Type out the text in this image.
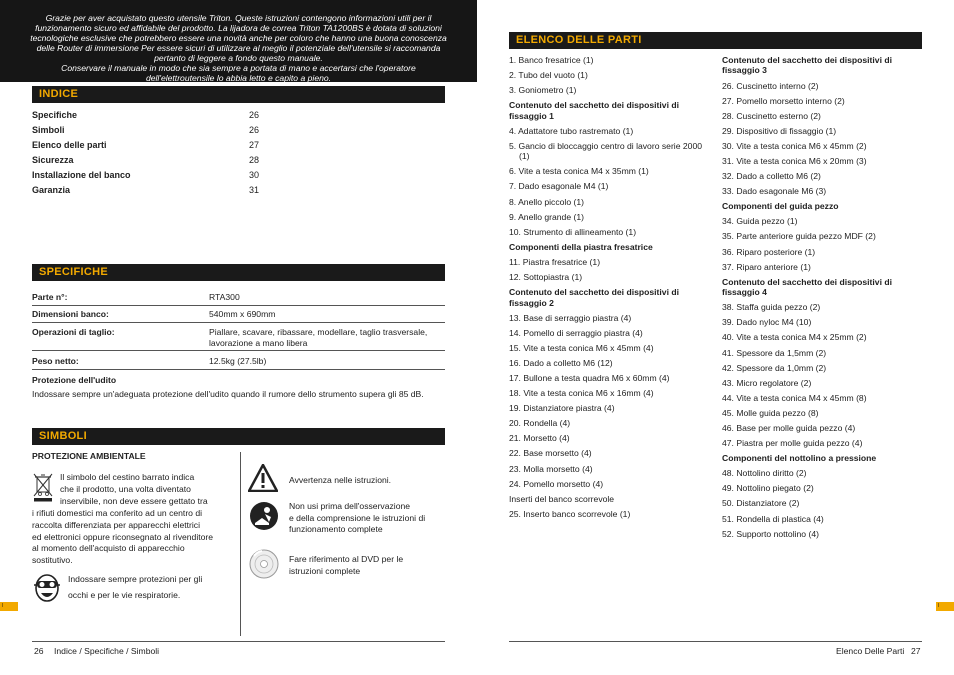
Grazie per aver acquistato questo utensile Triton. Queste istruzioni contengono informazioni utili per il

funzionamento sicuro ed affidabile del prodotto. La lijadora de correa Triton TA1200BS è dotata di soluzioni

tecnologiche esclusive che potrebbero essere una novità anche per coloro che hanno una buona conoscenza

delle Router di immersione Per essere sicuri di utilizzare al meglio il potenziale dell'utensile si raccomanda

pertanto di leggere a fondo questo manuale.

Conservare il manuale in modo che sia sempre a portata di mano e accertarsi che l'operatore

dell'elettroutensile lo abbia letto e capito a pieno.

INDICE
Specifiche	26
Simboli	26
Elenco delle parti	27
Sicurezza	28
Installazione del banco	30
Garanzia	31
SPECIFICHE
Parte n°:	RTA300
Dimensioni banco:	540mm x 690mm
Operazioni di taglio:	Piallare, scavare, ribassare, modellare, taglio trasversale, lavorazione a mano libera
Peso netto:	12.5kg (27.5lb)
Protezione dell'udito
Indossare sempre un'adeguata protezione dell'udito quando il rumore dello strumento supera gli 85 dB.
SIMBOLI
PROTEZIONE AMBIENTALE
Il simbolo del cestino barrato indica
che il prodotto, una volta diventato
inservibile, non deve essere gettato tra
i rifiuti domestici ma conferito ad un centro di
raccolta differenziata per apparecchi elettrici
ed elettronici oppure riconsegnato al rivenditore
al momento dell'acquisto di apparecchio
sostitutivo.
Indossare sempre protezioni per gli
occhi e per le vie respiratorie.
Avvertenza nelle istruzioni.
Non usi prima dell'osservazione
e della comprensione le istruzioni di
funzionamento complete
Fare riferimento al DVD per le
istruzioni complete
I
26 Indice / Specifiche / Simboli
ELENCO DELLE PARTI
1. Banco fresatrice (1)
2. Tubo del vuoto (1)
3. Goniometro (1)
Contenuto del sacchetto dei dispositivi di fissaggio 1
4. Adattatore tubo rastremato (1)
5. Gancio di bloccaggio centro di lavoro serie 2000 (1)
6. Vite a testa conica M4 x 35mm (1)
7. Dado esagonale M4 (1)
8. Anello piccolo (1)
9. Anello grande (1)
10. Strumento di allineamento (1)
Componenti della piastra fresatrice
11. Piastra fresatrice (1)
12. Sottopiastra (1)
Contenuto del sacchetto dei dispositivi di fissaggio 2
13. Base di serraggio piastra (4)
14. Pomello di serraggio piastra (4)
15. Vite a testa conica M6 x 45mm (4)
16. Dado a colletto M6 (12)
17. Bullone a testa quadra M6 x 60mm (4)
18. Vite a testa conica M6 x 16mm (4)
19. Distanziatore piastra (4)
20. Rondella (4)
21. Morsetto (4)
22. Base morsetto (4)
23. Molla morsetto (4)
24. Pomello morsetto (4)
Inserti del banco scorrevole
25. Inserto banco scorrevole (1)
Contenuto del sacchetto dei dispositivi di fissaggio 3
26. Cuscinetto interno (2)
27. Pomello morsetto interno (2)
28. Cuscinetto esterno (2)
29. Dispositivo di fissaggio (1)
30. Vite a testa conica M6 x 45mm (2)
31. Vite a testa conica M6 x 20mm (3)
32. Dado a colletto M6 (2)
33. Dado esagonale M6 (3)
Componenti del guida pezzo
34. Guida pezzo (1)
35. Parte anteriore guida pezzo MDF (2)
36. Riparo posteriore (1)
37. Riparo anteriore (1)
Contenuto del sacchetto dei dispositivi di fissaggio 4
38. Staffa guida pezzo (2)
39. Dado nyloc M4 (10)
40. Vite a testa conica M4 x 25mm (2)
41. Spessore da 1,5mm (2)
42. Spessore da 1,0mm (2)
43. Micro regolatore (2)
44. Vite a testa conica M4 x 45mm (8)
45. Molle guida pezzo (8)
46. Base per molle guida pezzo (4)
47. Piastra per molle guida pezzo (4)
Componenti del nottolino a pressione
48. Nottolino diritto (2)
49. Nottolino piegato (2)
50. Distanziatore (2)
51. Rondella di plastica (4)
52. Supporto nottolino (4)
I
Elenco Delle Parti 27
